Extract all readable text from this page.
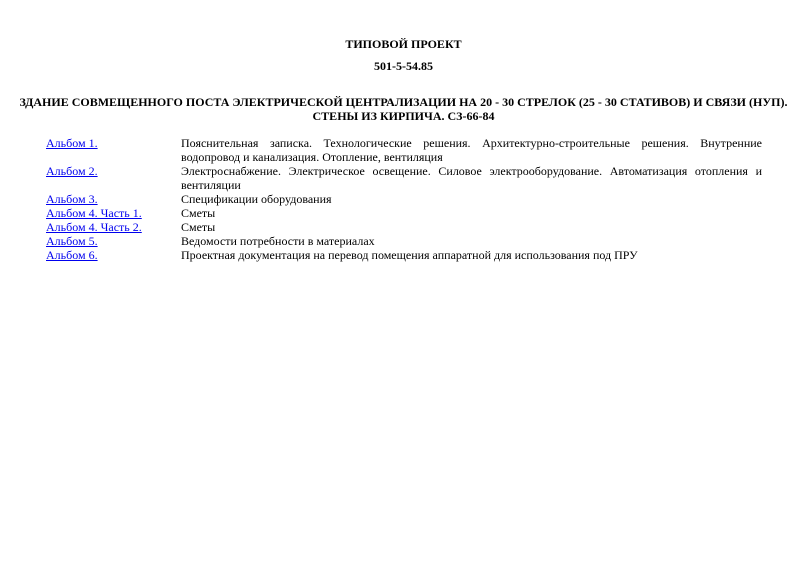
ТИПОВОЙ ПРОЕКТ

501-5-54.85

ЗДАНИЕ СОВМЕЩЕННОГО ПОСТА ЭЛЕКТРИЧЕСКОЙ ЦЕНТРАЛИЗАЦИИ НА 20 - 30 СТРЕЛОК (25 - 30 СТАТИВОВ) И СВЯЗИ (НУП).

СТЕНЫ ИЗ КИРПИЧА. СЗ-66-84

Альбом 1.	Пояснительная записка. Технологические решения. Архитектурно-строительные решения. Внутренние водопровод и канализация. Отопление, вентиляция
Альбом 2.	Электроснабжение. Электрическое освещение. Силовое электрооборудование. Автоматизация отопления и вентиляции
Альбом 3.	Спецификации оборудования
Альбом 4. Часть 1.	Сметы
Альбом 4. Часть 2.	Сметы
Альбом 5.	Ведомости потребности в материалах
Альбом 6.	Проектная документация на перевод помещения аппаратной для использования под ПРУ
